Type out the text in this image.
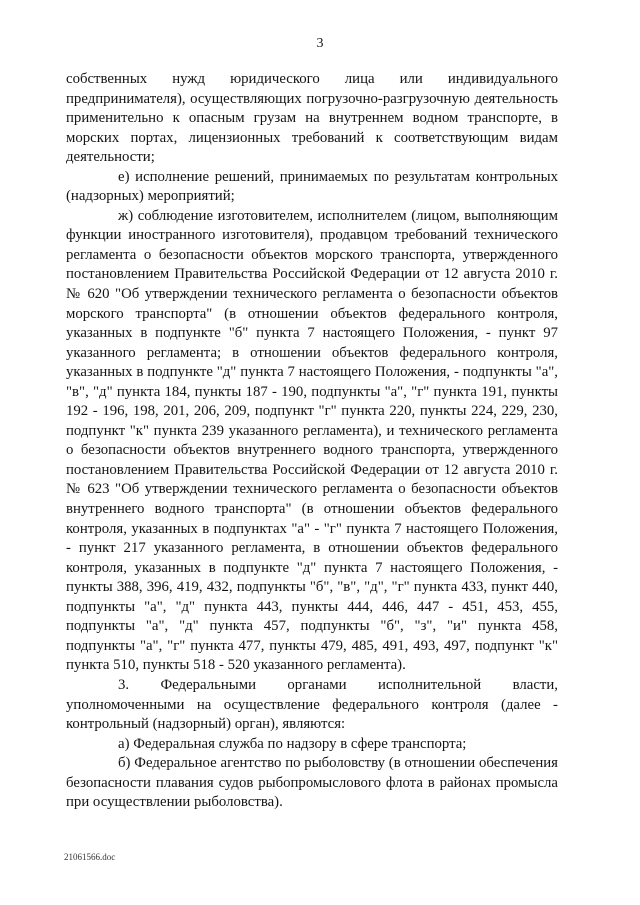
3

собственных нужд юридического лица или индивидуального предпринимателя), осуществляющих погрузочно-разгрузочную деятельность применительно к опасным грузам на внутреннем водном транспорте, в морских портах, лицензионных требований к соответствующим видам деятельности;

е) исполнение решений, принимаемых по результатам контрольных (надзорных) мероприятий;

ж) соблюдение изготовителем, исполнителем (лицом, выполняющим функции иностранного изготовителя), продавцом требований технического регламента о безопасности объектов морского транспорта, утвержденного постановлением Правительства Российской Федерации от 12 августа 2010 г. № 620 "Об утверждении технического регламента о безопасности объектов морского транспорта" (в отношении объектов федерального контроля, указанных в подпункте "б" пункта 7 настоящего Положения, - пункт 97 указанного регламента; в отношении объектов федерального контроля, указанных в подпункте "д" пункта 7 настоящего Положения, - подпункты "а", "в", "д" пункта 184, пункты 187 - 190, подпункты "а", "г" пункта 191, пункты 192 - 196, 198, 201, 206, 209, подпункт "г" пункта 220, пункты 224, 229, 230, подпункт "к" пункта 239 указанного регламента), и технического регламента о безопасности объектов внутреннего водного транспорта, утвержденного постановлением Правительства Российской Федерации от 12 августа 2010 г. № 623 "Об утверждении технического регламента о безопасности объектов внутреннего водного транспорта" (в отношении объектов федерального контроля, указанных в подпунктах "а" - "г" пункта 7 настоящего Положения, - пункт 217 указанного регламента, в отношении объектов федерального контроля, указанных в подпункте "д" пункта 7 настоящего Положения, - пункты 388, 396, 419, 432, подпункты "б", "в", "д", "г" пункта 433, пункт 440, подпункты "а", "д" пункта 443, пункты 444, 446, 447 - 451, 453, 455, подпункты "а", "д" пункта 457, подпункты "б", "з", "и" пункта 458, подпункты "а", "г" пункта 477, пункты 479, 485, 491, 493, 497, подпункт "к" пункта 510, пункты 518 - 520 указанного регламента).

3. Федеральными органами исполнительной власти, уполномоченными на осуществление федерального контроля (далее - контрольный (надзорный) орган), являются:

а) Федеральная служба по надзору в сфере транспорта;

б) Федеральное агентство по рыболовству (в отношении обеспечения безопасности плавания судов рыбопромыслового флота в районах промысла при осуществлении рыболовства).

21061566.doc
